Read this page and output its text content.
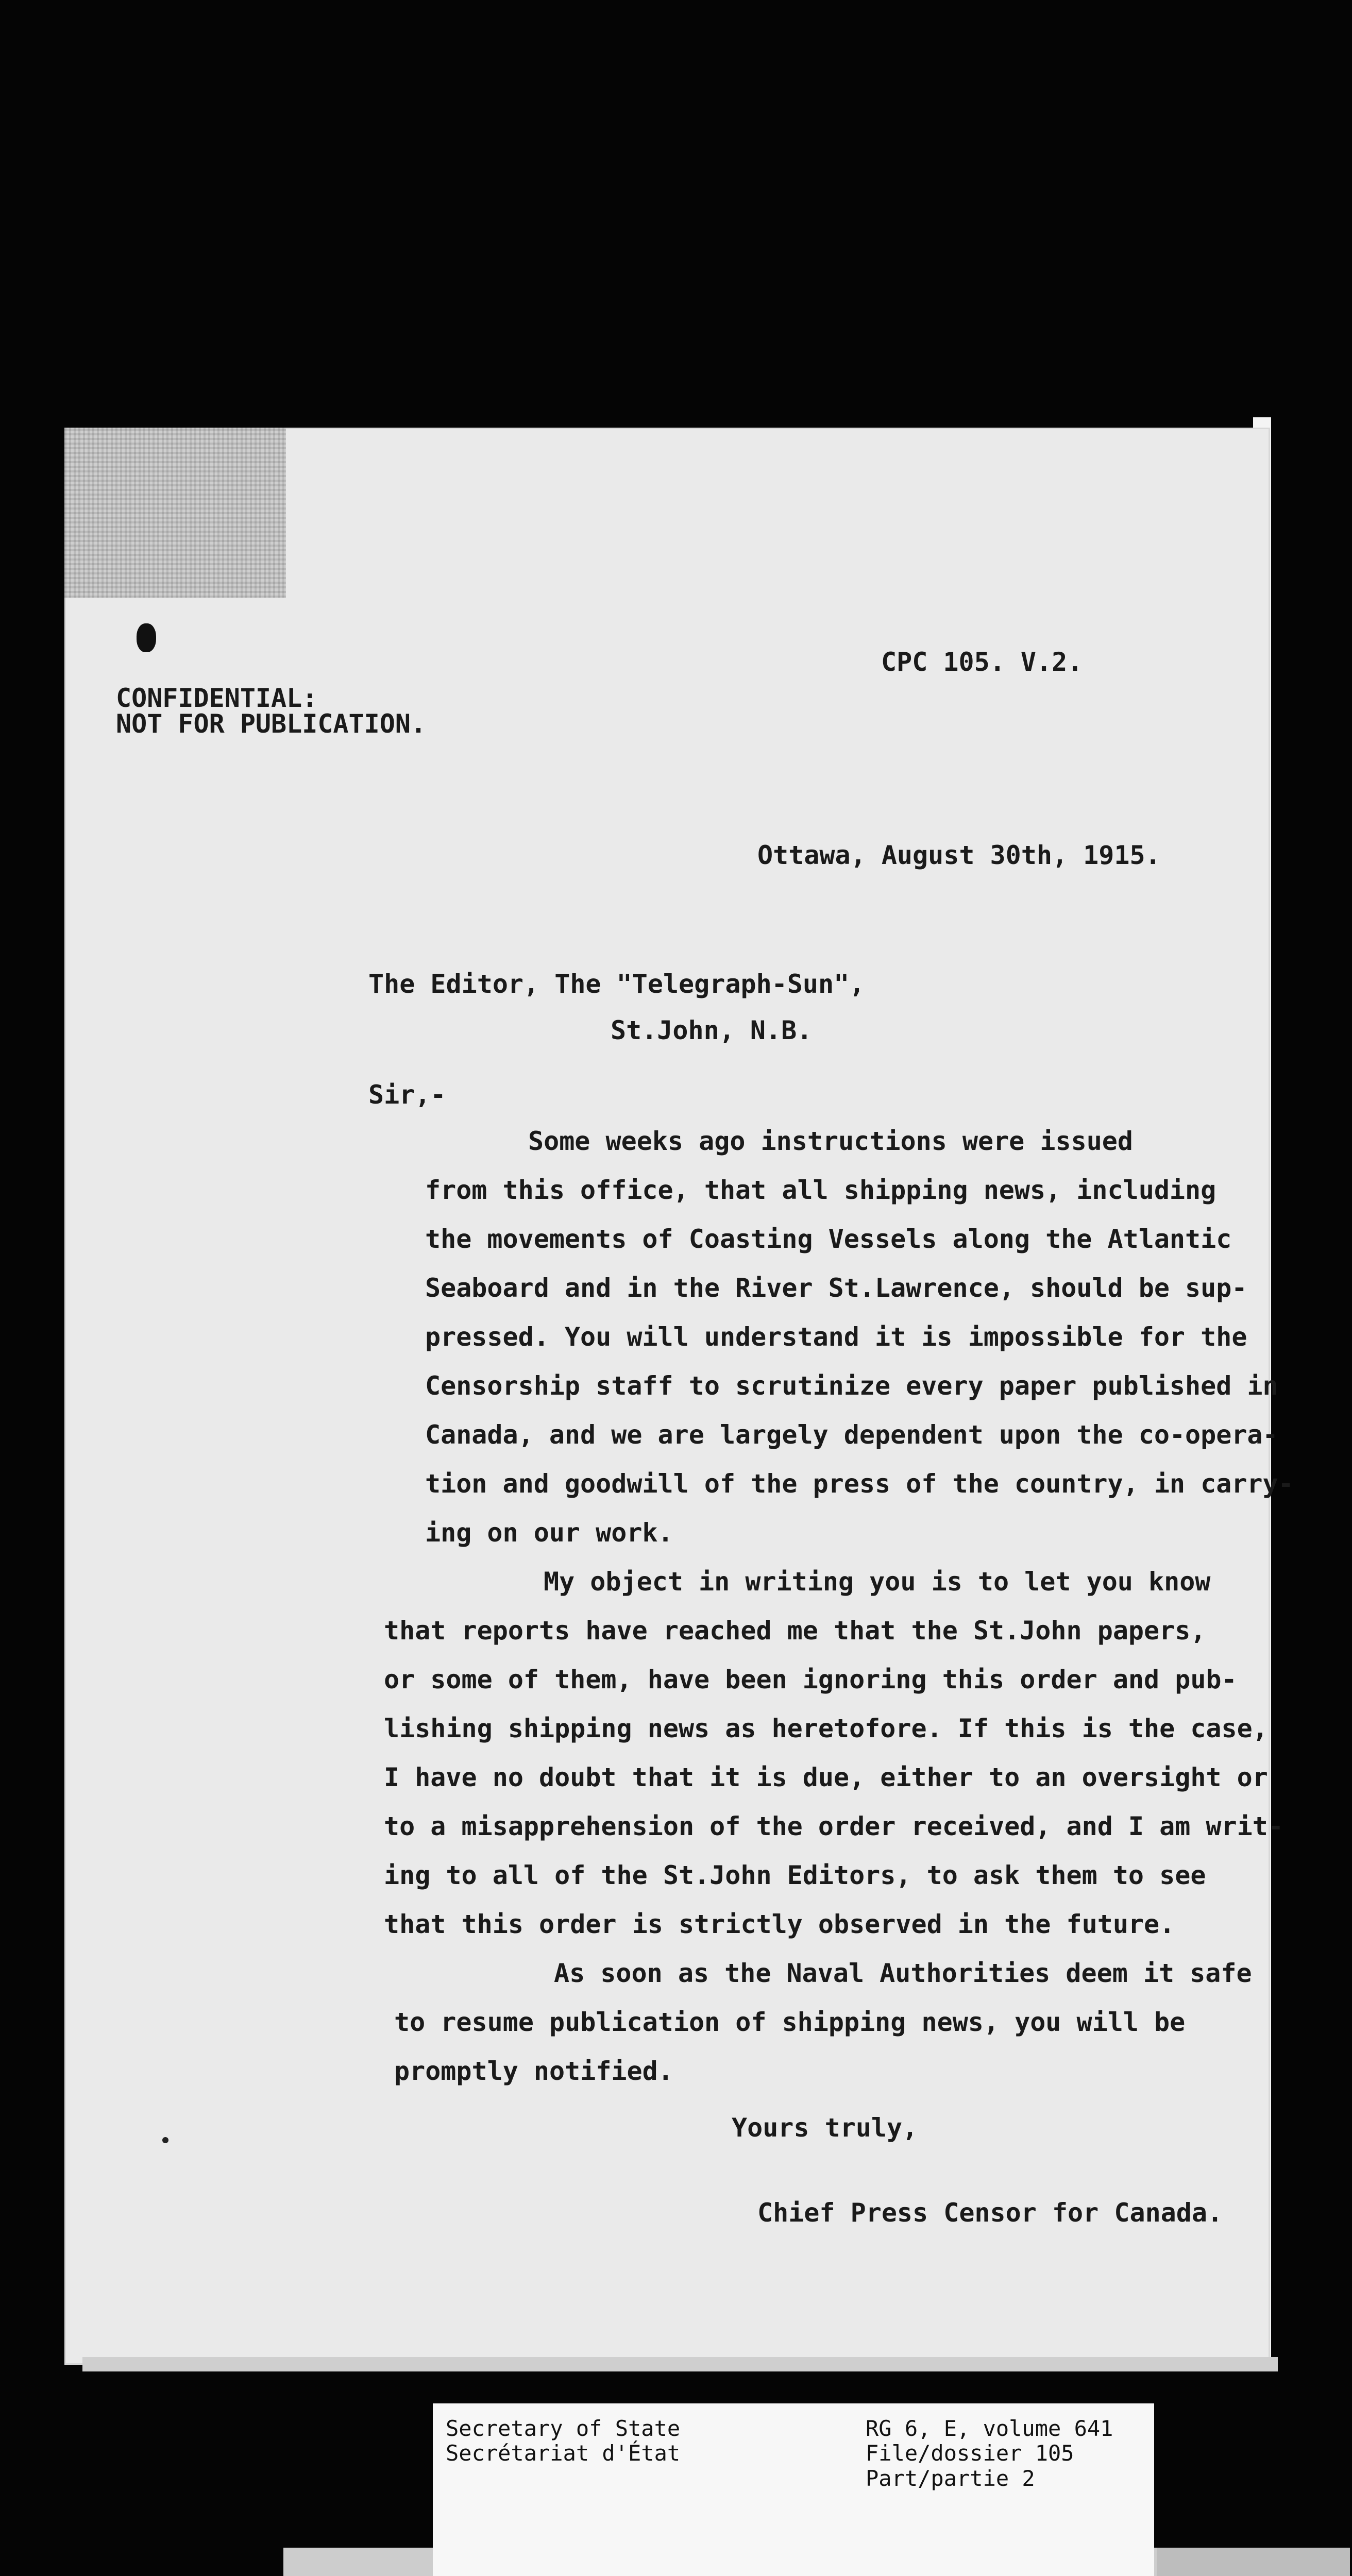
CPC 105. V.2.
CONFIDENTIAL:
NOT FOR PUBLICATION.
Ottawa, August 30th, 1915.
The Editor, The "Telegraph-Sun",
St.John, N.B.
Sir,-
Some weeks ago instructions were issued
from this office, that all shipping news, including
the movements of Coasting Vessels along the Atlantic
Seaboard and in the River St.Lawrence, should be sup-
pressed. You will understand it is impossible for the
Censorship staff to scrutinize every paper published in
Canada, and we are largely dependent upon the co-opera-
tion and goodwill of the press of the country, in carry-
ing on our work.
My object in writing you is to let you know
that reports have reached me that the St.John papers,
or some of them, have been ignoring this order and pub-
lishing shipping news as heretofore. If this is the case,
I have no doubt that it is due, either to an oversight or
to a misapprehension of the order received, and I am writ-
ing to all of the St.John Editors, to ask them to see
that this order is strictly observed in the future.
As soon as the Naval Authorities deem it safe
to resume publication of shipping news, you will be
promptly notified.
Yours truly,
Chief Press Censor for Canada.
Secretary of State
Secrétariat d'État
RG 6, E, volume 641
File/dossier 105
Part/partie 2
